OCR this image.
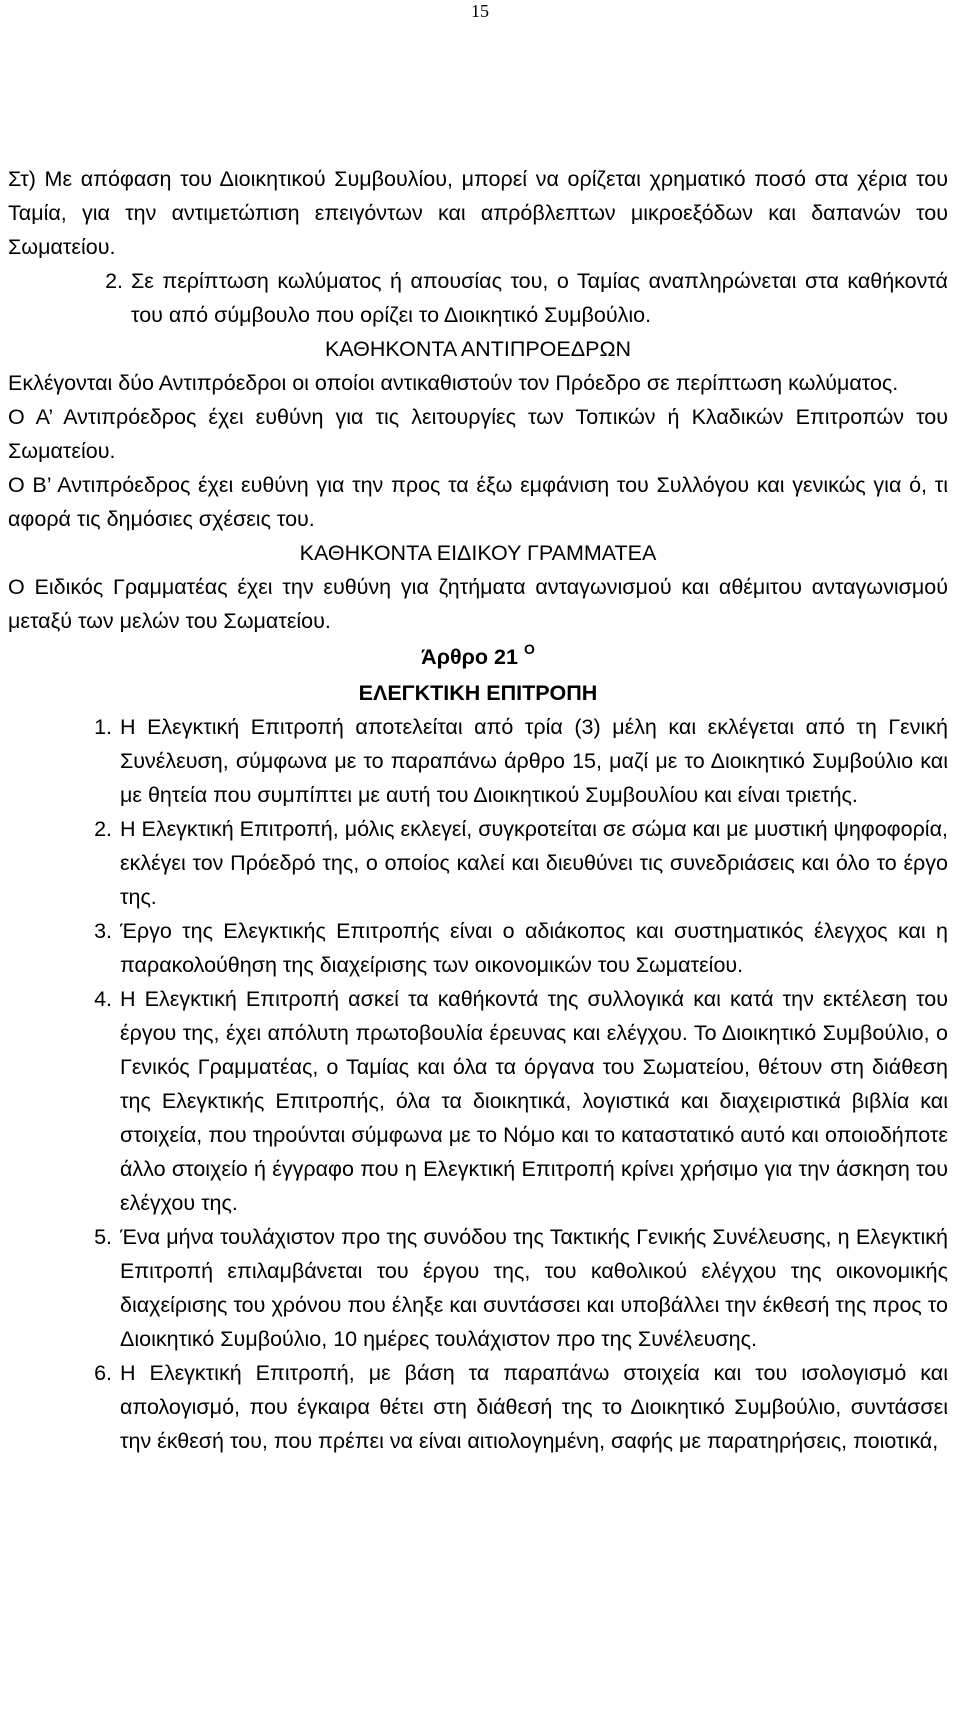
15

Στ) Με απόφαση του Διοικητικού Συμβουλίου, μπορεί να ορίζεται χρηματικό ποσό στα χέρια του Ταμία, για την αντιμετώπιση επειγόντων και απρόβλεπτων μικροεξόδων και δαπανών του Σωματείου.

2. Σε περίπτωση κωλύματος ή απουσίας του, ο Ταμίας αναπληρώνεται στα καθήκοντά του από σύμβουλο που ορίζει το Διοικητικό Συμβούλιο.

ΚΑΘΗΚΟΝΤΑ ΑΝΤΙΠΡΟΕΔΡΩΝ

Εκλέγονται δύο Αντιπρόεδροι οι οποίοι αντικαθιστούν τον Πρόεδρο σε περίπτωση κωλύματος.

Ο Α’ Αντιπρόεδρος έχει ευθύνη για τις λειτουργίες των Τοπικών ή Κλαδικών Επιτροπών του Σωματείου.

Ο Β’ Αντιπρόεδρος έχει ευθύνη για την προς τα έξω εμφάνιση του Συλλόγου και γενικώς για ό, τι αφορά τις δημόσιες σχέσεις του.

ΚΑΘΗΚΟΝΤΑ ΕΙΔΙΚΟΥ ΓΡΑΜΜΑΤΕΑ

Ο Ειδικός Γραμματέας έχει την ευθύνη για ζητήματα ανταγωνισμού και αθέμιτου ανταγωνισμού μεταξύ των μελών του Σωματείου.

Άρθρο 21 $^O$

ΕΛΕΓΚΤΙΚΗ ΕΠΙΤΡΟΠΗ

1. Η Ελεγκτική Επιτροπή αποτελείται από τρία (3) μέλη και εκλέγεται από τη Γενική Συνέλευση, σύμφωνα με το παραπάνω άρθρο 15, μαζί με το Διοικητικό Συμβούλιο και με θητεία που συμπίπτει με αυτή του Διοικητικού Συμβουλίου και είναι τριετής.
2. Η Ελεγκτική Επιτροπή, μόλις εκλεγεί, συγκροτείται σε σώμα και με μυστική ψηφοφορία, εκλέγει τον Πρόεδρό της, ο οποίος καλεί και διευθύνει τις συνεδριάσεις και όλο το έργο της.
3. Έργο της Ελεγκτικής Επιτροπής είναι ο αδιάκοπος και συστηματικός έλεγχος και η παρακολούθηση της διαχείρισης των οικονομικών του Σωματείου.
4. Η Ελεγκτική Επιτροπή ασκεί τα καθήκοντά της συλλογικά και κατά την εκτέλεση του έργου της, έχει απόλυτη πρωτοβουλία έρευνας και ελέγχου. Το Διοικητικό Συμβούλιο, ο Γενικός Γραμματέας, ο Ταμίας και όλα τα όργανα του Σωματείου, θέτουν στη διάθεση της Ελεγκτικής Επιτροπής, όλα τα διοικητικά, λογιστικά και διαχειριστικά βιβλία και στοιχεία, που τηρούνται σύμφωνα με το Νόμο και το καταστατικό αυτό και οποιοδήποτε άλλο στοιχείο ή έγγραφο που η Ελεγκτική Επιτροπή κρίνει χρήσιμο για την άσκηση του ελέγχου της.
5. Ένα μήνα τουλάχιστον προ της συνόδου της Τακτικής Γενικής Συνέλευσης, η Ελεγκτική Επιτροπή επιλαμβάνεται του έργου της, του καθολικού ελέγχου της οικονομικής διαχείρισης του χρόνου που έληξε και συντάσσει και υποβάλλει την έκθεσή της προς το Διοικητικό Συμβούλιο, 10 ημέρες τουλάχιστον προ της Συνέλευσης.
6. Η Ελεγκτική Επιτροπή, με βάση τα παραπάνω στοιχεία και του ισολογισμό και απολογισμό, που έγκαιρα θέτει στη διάθεσή της το Διοικητικό Συμβούλιο, συντάσσει την έκθεσή του, που πρέπει να είναι αιτιολογημένη, σαφής με παρατηρήσεις, ποιοτικά,
